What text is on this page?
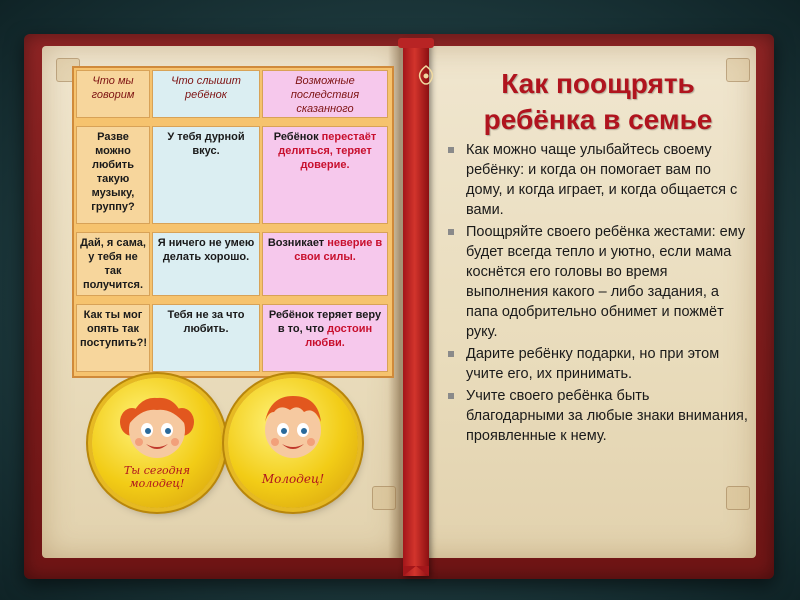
Что мы говорим
Что слышит ребёнок
Возможные последствия сказанного
Разве можно любить такую музыку, группу?
У тебя дурной вкус.
Ребёнок перестаёт делиться, теряет доверие.
Дай, я сама, у тебя не так получится.
Я ничего не умею делать хорошо.
Возникает неверие в свои силы.
Как ты мог опять так поступить?!
Тебя не за что любить.
Ребёнок теряет веру в то, что достоин любви.
Ты сегодня молодец!	Молодец!
Как поощрять ребёнка в семье
Как можно чаще улыбайтесь своему ребёнку: и когда он помогает вам по дому, и когда играет, и когда общается с вами.
Поощряйте своего ребёнка жестами: ему будет всегда тепло и уютно, если мама коснётся его головы во время выполнения какого – либо задания, а папа одобрительно обнимет и пожмёт руку.
Дарите ребёнку подарки, но при этом учите его, их принимать.
Учите своего ребёнка быть благодарными за любые знаки внимания, проявленные к нему.
